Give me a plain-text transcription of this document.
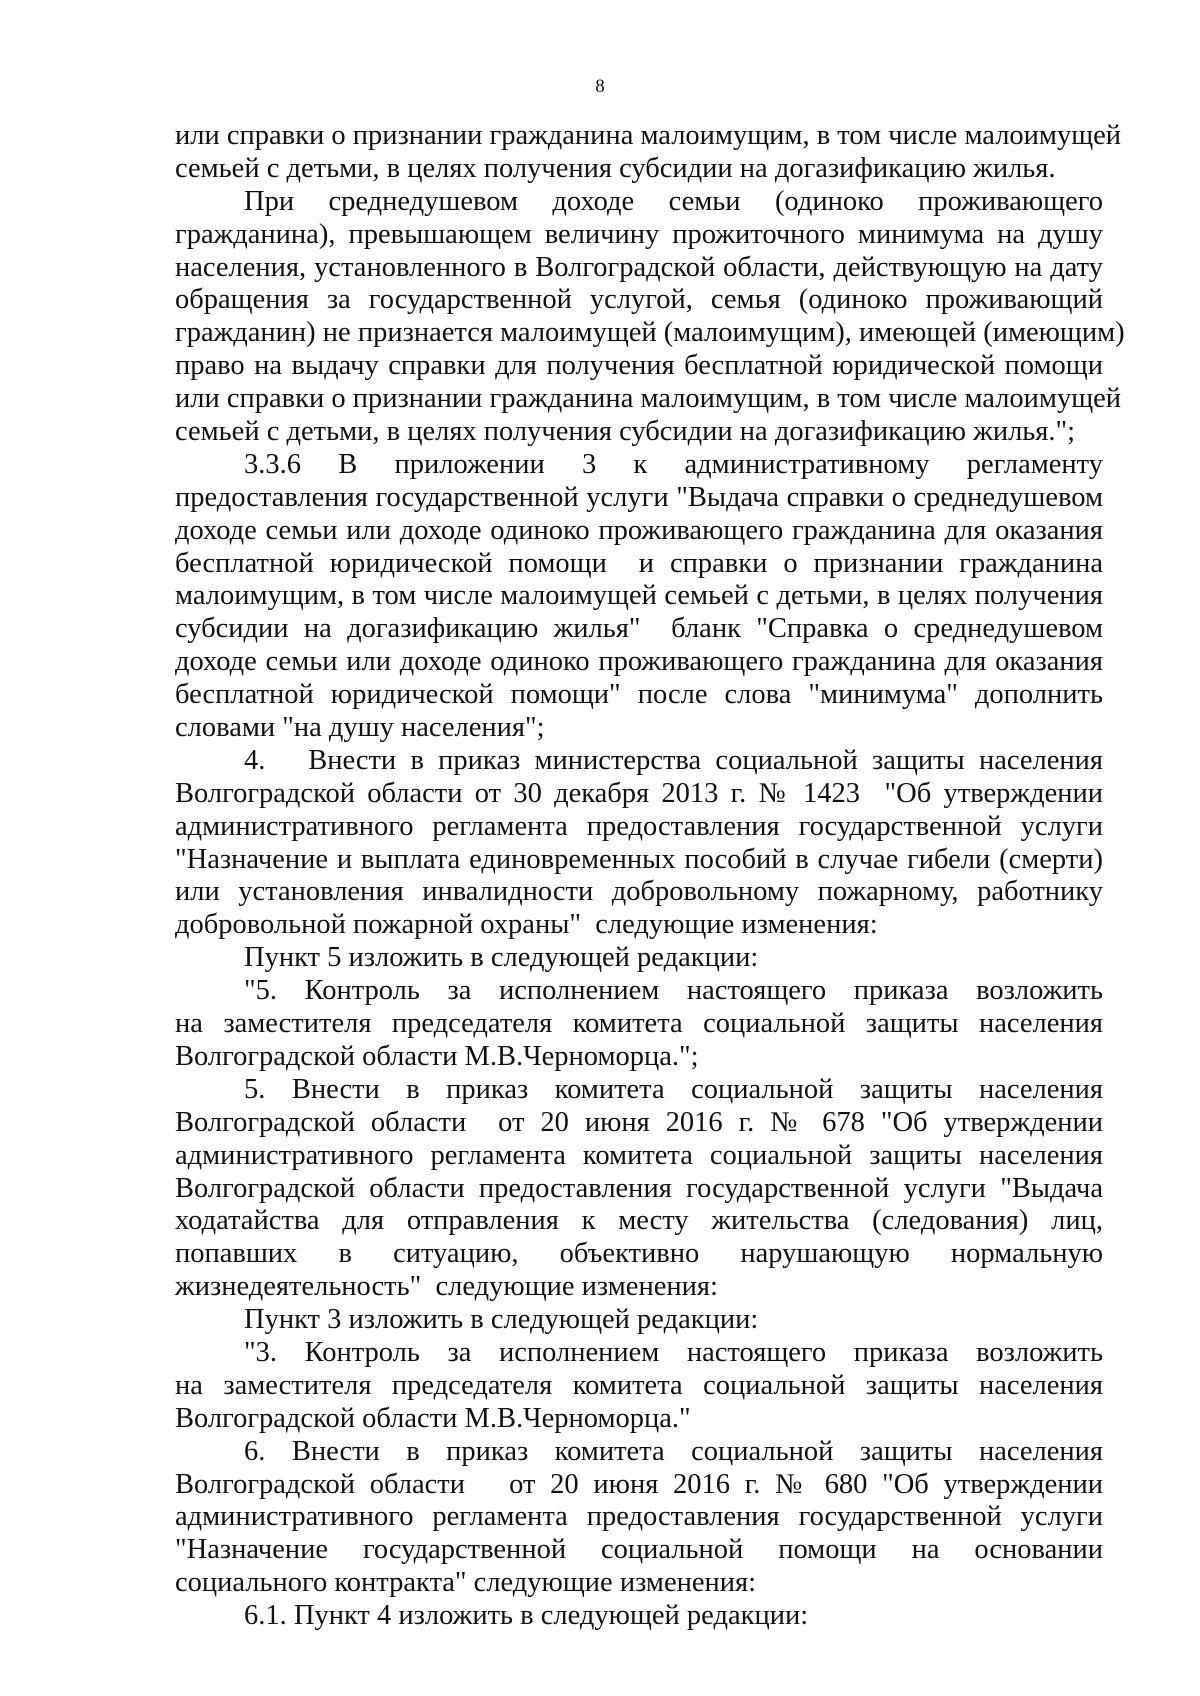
8
или справки о признании гражданина малоимущим, в том числе малоимущей
семьей с детьми, в целях получения субсидии на догазификацию жилья.
При среднедушевом доходе семьи (одиноко проживающего
гражданина), превышающем величину прожиточного минимума на душу
населения, установленного в Волгоградской области, действующую на дату
обращения за государственной услугой, семья (одиноко проживающий
гражданин) не признается малоимущей (малоимущим), имеющей (имеющим)
право на выдачу справки для получения бесплатной юридической помощи
или справки о признании гражданина малоимущим, в том числе малоимущей
семьей с детьми, в целях получения субсидии на догазификацию жилья.";
3.3.6 В приложении 3 к административному регламенту
предоставления государственной услуги "Выдача справки о среднедушевом
доходе семьи или доходе одиноко проживающего гражданина для оказания
бесплатной юридической помощи  и справки о признании гражданина
малоимущим, в том числе малоимущей семьей с детьми, в целях получения
субсидии на догазификацию жилья"  бланк "Справка о среднедушевом
доходе семьи или доходе одиноко проживающего гражданина для оказания
бесплатной юридической помощи" после слова "минимума" дополнить
словами "на душу населения";
4.   Внести в приказ министерства социальной защиты населения
Волгоградской области от 30 декабря 2013 г. № 1423  "Об утверждении
административного регламента предоставления государственной услуги
"Назначение и выплата единовременных пособий в случае гибели (смерти)
или установления инвалидности добровольному пожарному, работнику
добровольной пожарной охраны"  следующие изменения:
Пункт 5 изложить в следующей редакции:
"5. Контроль за исполнением настоящего приказа возложить
на заместителя председателя комитета социальной защиты населения
Волгоградской области М.В.Черноморца.";
5. Внести в приказ комитета социальной защиты населения
Волгоградской области  от 20 июня 2016 г. № 678 "Об утверждении
административного регламента комитета социальной защиты населения
Волгоградской области предоставления государственной услуги "Выдача
ходатайства для отправления к месту жительства (следования) лиц,
попавших в ситуацию, объективно нарушающую нормальную
жизнедеятельность"  следующие изменения:
Пункт 3 изложить в следующей редакции:
"3. Контроль за исполнением настоящего приказа возложить
на заместителя председателя комитета социальной защиты населения
Волгоградской области М.В.Черноморца."
6. Внести в приказ комитета социальной защиты населения
Волгоградской области   от 20 июня 2016 г. № 680 "Об утверждении
административного регламента предоставления государственной услуги
"Назначение государственной социальной помощи на основании
социального контракта" следующие изменения:
6.1. Пункт 4 изложить в следующей редакции:
